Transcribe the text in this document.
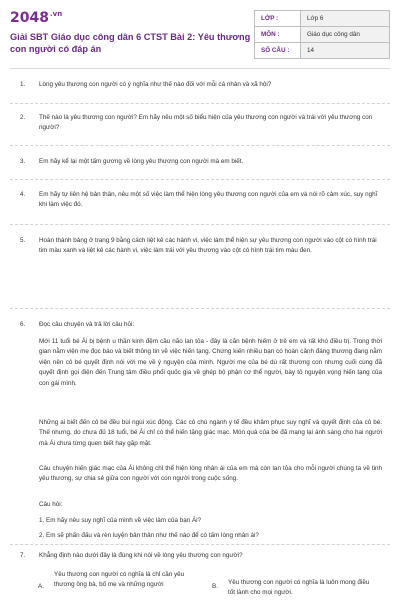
$2048^{.vn}$
Giải SBT Giáo dục công dân 6 CTST Bài 2: Yêu thương con người có đáp án
LỚP :	Lớp 6
MÔN :	Giáo dục công dân
SỐ CÂU :	14
1. Lòng yêu thương con người có ý nghĩa như thế nào đối với mỗi cá nhân và xã hội?
2. Thế nào là yêu thương con người? Em hãy nêu một số biểu hiện của yêu thương con người và trái với yêu thương con người?
3. Em hãy kể lại một tấm gương về lòng yêu thương con người mà em biết.
4. Em hãy tự liên hệ bản thân, nêu một số việc làm thể hiện lòng yêu thương con người của em và nói rõ cảm xúc, suy nghĩ khi làm việc đó.
5. Hoàn thành bảng ở trang 9 bằng cách liệt kê các hành vi, việc làm thể hiện sự yêu thương con người vào cột có hình trái tim màu xanh và liệt kê các hành vi, việc làm trái với yêu thương vào cột có hình trái tim màu đen.
6. Đọc câu chuyện và trả lời câu hỏi:
Mới 11 tuổi bé Ái bị bệnh u thần kinh đệm cầu não lan tỏa - đây là căn bệnh hiếm ở trẻ em và rất khó điều trị. Trong thời gian nằm viện mẹ đọc báo và biết thông tin về việc hiến tạng. Chứng kiến nhiều bạn có hoàn cảnh đáng thương đang nằm viện nên cô bé quyết định nói với mẹ về ý nguyện của mình. Người mẹ của bé dù rất thương con nhưng cuối cùng đã quyết định gọi điện đến Trung tâm điều phối quốc gia về ghép bộ phận cơ thể người, bày tỏ nguyện vọng hiến tạng của con gái mình.
Những ai biết đến cô bé đều bùi ngùi xúc động. Các cô chú ngành y tế đều khâm phục suy nghĩ và quyết định của cô bé. Thế nhưng, do chưa đủ 18 tuổi, bé Ái chỉ có thể hiến tặng giác mạc. Món quà của bé đã mang lại ánh sáng cho hai người mà Ái chưa từng quen biết hay gặp mặt.
Câu chuyện hiến giác mạc của Ái không chỉ thể hiện lòng nhân ái của em mà còn lan tỏa cho mỗi người chúng ta về tinh yêu thương, sự chia sẻ giữa con người với con người trong cuộc sống.
Câu hỏi:
1. Em hãy nêu suy nghĩ của mình về việc làm của bạn Ái?
2. Em sẽ phấn đấu và rèn luyện bản thân như thế nào để có tấm lòng nhân ái?
7. Khẳng định nào dưới đây là đúng khi nói về lòng yêu thương con người?
A.
Yêu thương con người có nghĩa là chỉ cần yêu thương ông bà, bố mẹ và những người	B.
Yêu thương con người có nghĩa là luôn mong điều tốt lành cho mọi người.
